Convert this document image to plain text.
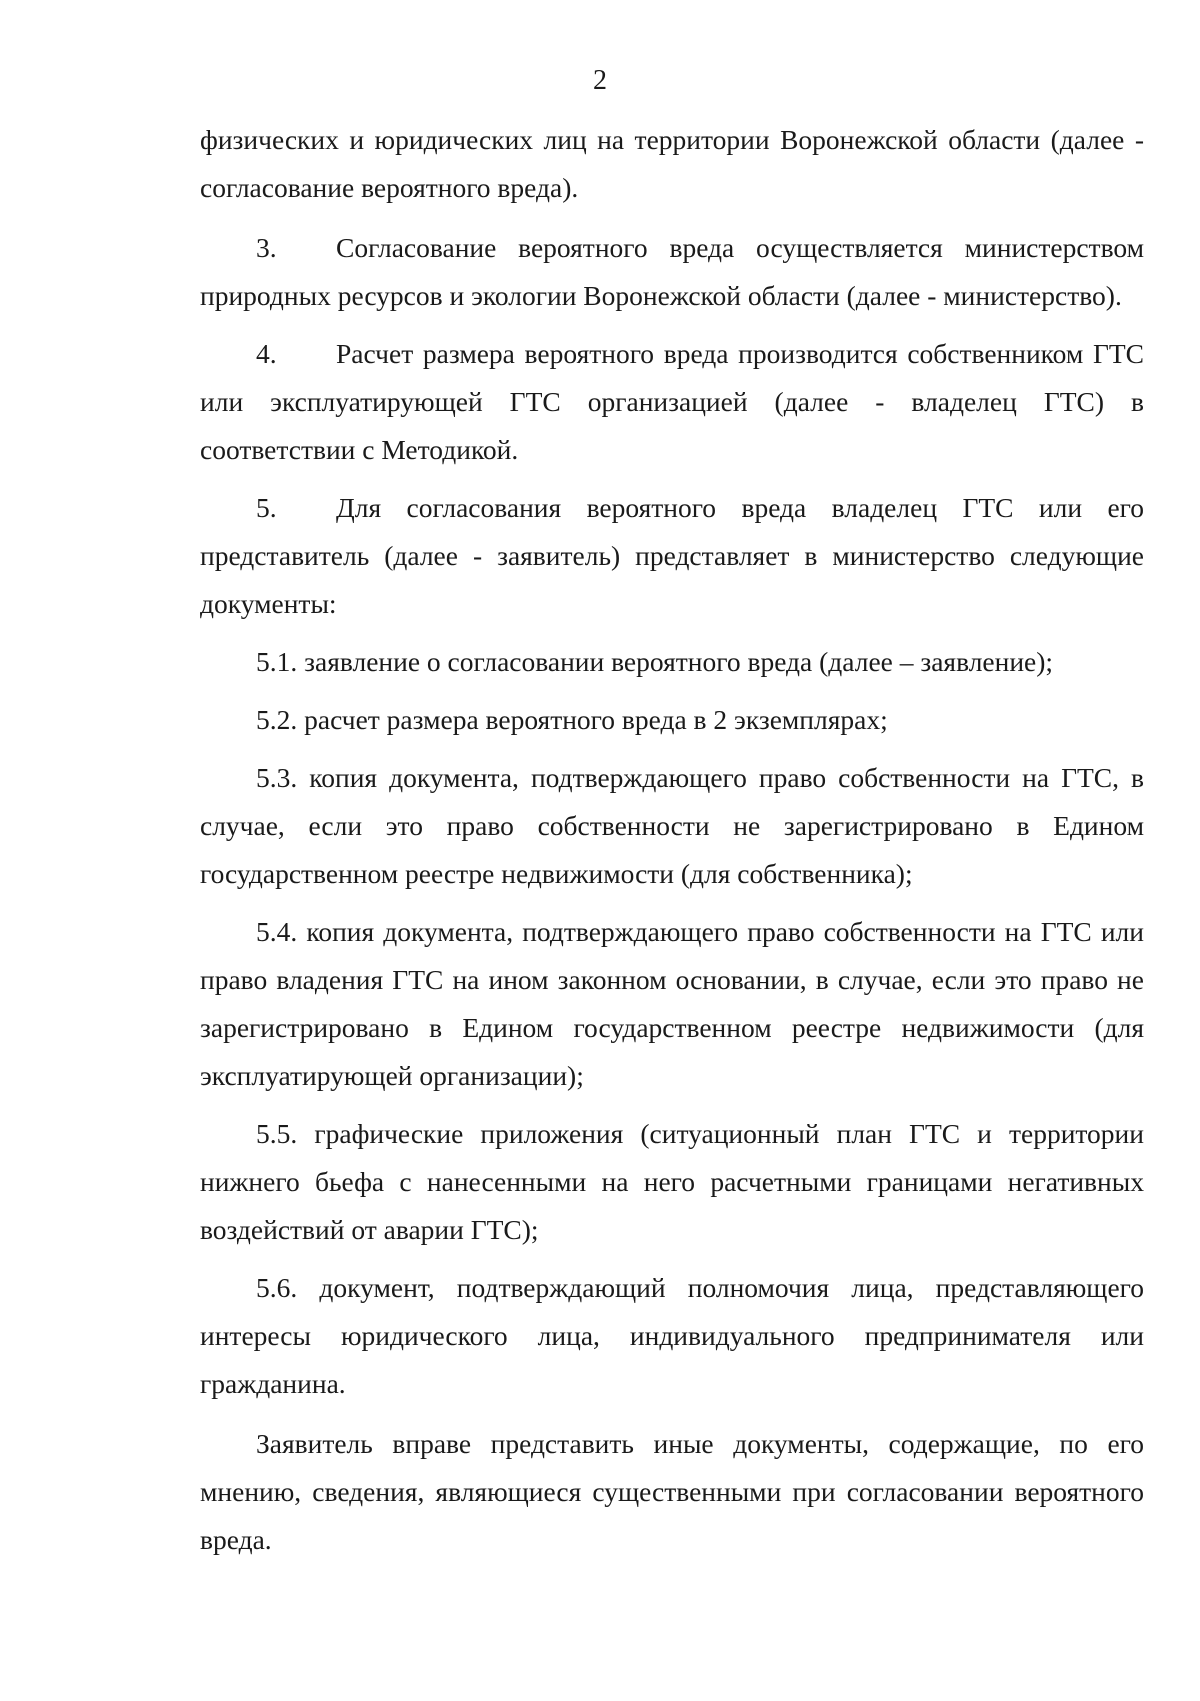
2

физических и юридических лиц на территории Воронежской области (далее - согласование вероятного вреда).

3. Согласование вероятного вреда осуществляется министерством природных ресурсов и экологии Воронежской области (далее - министерство).

4. Расчет размера вероятного вреда производится собственником ГТС или эксплуатирующей ГТС организацией (далее - владелец ГТС) в соответствии с Методикой.

5. Для согласования вероятного вреда владелец ГТС или его представитель (далее - заявитель) представляет в министерство следующие документы:

5.1. заявление о согласовании вероятного вреда (далее – заявление);

5.2. расчет размера вероятного вреда в 2 экземплярах;

5.3. копия документа, подтверждающего право собственности на ГТС, в случае, если это право собственности не зарегистрировано в Едином государственном реестре недвижимости (для собственника);

5.4. копия документа, подтверждающего право собственности на ГТС или право владения ГТС на ином законном основании, в случае, если это право не зарегистрировано в Едином государственном реестре недвижимости (для эксплуатирующей организации);

5.5. графические приложения (ситуационный план ГТС и территории нижнего бьефа с нанесенными на него расчетными границами негативных воздействий от аварии ГТС);

5.6. документ, подтверждающий полномочия лица, представляющего интересы юридического лица, индивидуального предпринимателя или гражданина.

Заявитель вправе представить иные документы, содержащие, по его мнению, сведения, являющиеся существенными при согласовании вероятного вреда.
